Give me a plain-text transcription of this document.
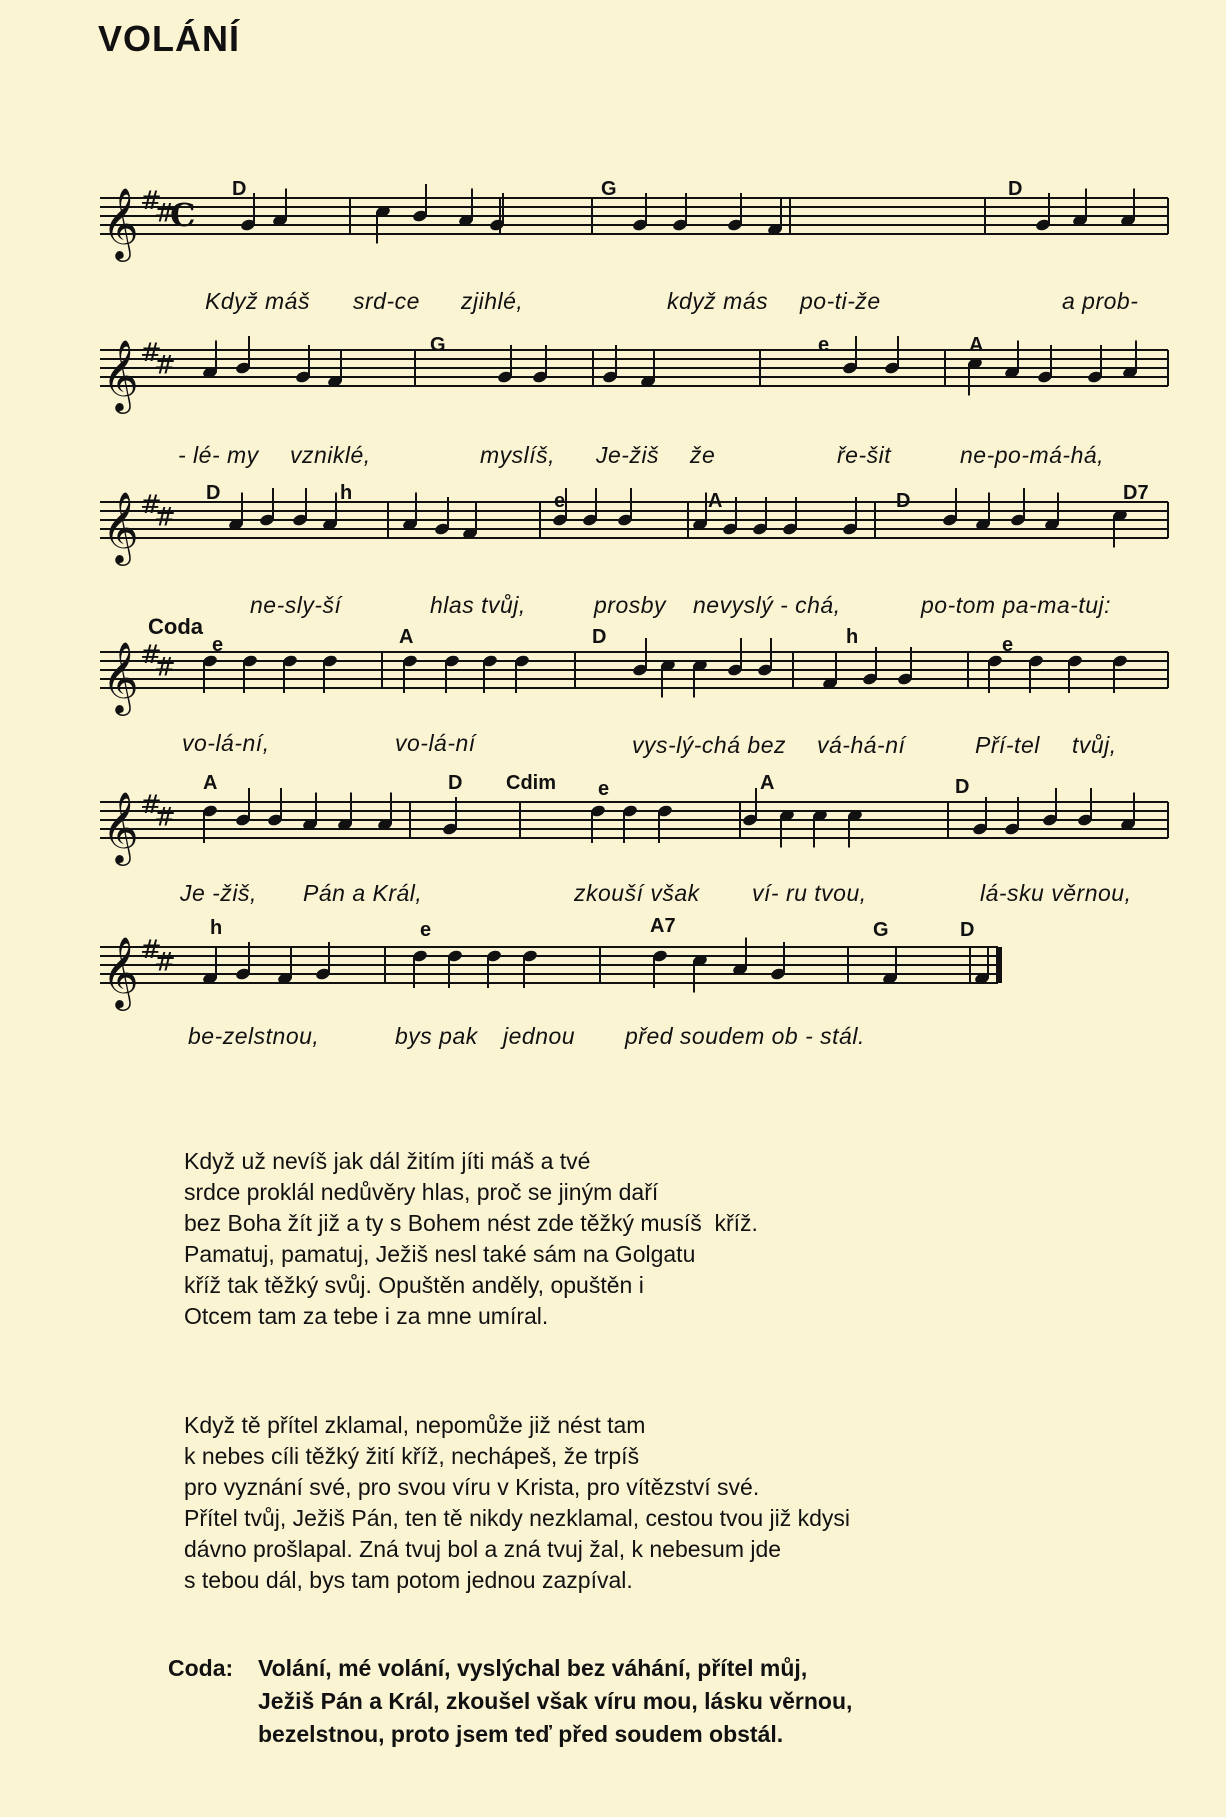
VOLÁNÍ
𝄞 #
#
C
D	G	D
Když máš srd-ce zjihlé,	když más po-ti-že	a prob-
𝄞 #
#
G	e	A
- lé- my vzniklé,	myslíš, Je-žiš že	ře-šit	ne-po-má-há,
𝄞 #
#
D	h	e	A	D	D7
ne-sly-ší	hlas tvůj,	prosby nevyslý - chá,	po-tom pa-ma-tuj:
𝄞 #
#
Coda
e	A	D	h	e
vo-lá-ní,	vo-lá-ní	vys-lý-chá bez vá-há-ní	Pří-tel tvůj,
𝄞 #
#
A	D Cdim e	A	D
Je -žiš, Pán a Král,	zkouší však ví- ru tvou,	lá-sku věrnou,
𝄞 #
#
h	e	A7	G	D
be-zelstnou,	bys pak jednou před soudem ob - stál.
Když už nevíš jak dál žitím jíti máš a tvé
srdce proklál nedůvěry hlas, proč se jiným daří
bez Boha žít již a ty s Bohem nést zde těžký musíš  kříž.
Pamatuj, pamatuj, Ježiš nesl také sám na Golgatu
kříž tak těžký svůj. Opuštěn anděly, opuštěn i
Otcem tam za tebe i za mne umíral.
Když tě přítel zklamal, nepomůže již nést tam
k nebes cíli těžký žití kříž, nechápeš, že trpíš
pro vyznání své, pro svou víru v Krista, pro vítězství své.
Přítel tvůj, Ježiš Pán, ten tě nikdy nezklamal, cestou tvou již kdysi
dávno prošlapal. Zná tvuj bol a zná tvuj žal, k nebesum jde
s tebou dál, bys tam potom jednou zazpíval.
Coda: Volání, mé volání, vyslýchal bez váhání, přítel můj,
Ježiš Pán a Král, zkoušel však víru mou, lásku věrnou,
bezelstnou, proto jsem teď před soudem obstál.
